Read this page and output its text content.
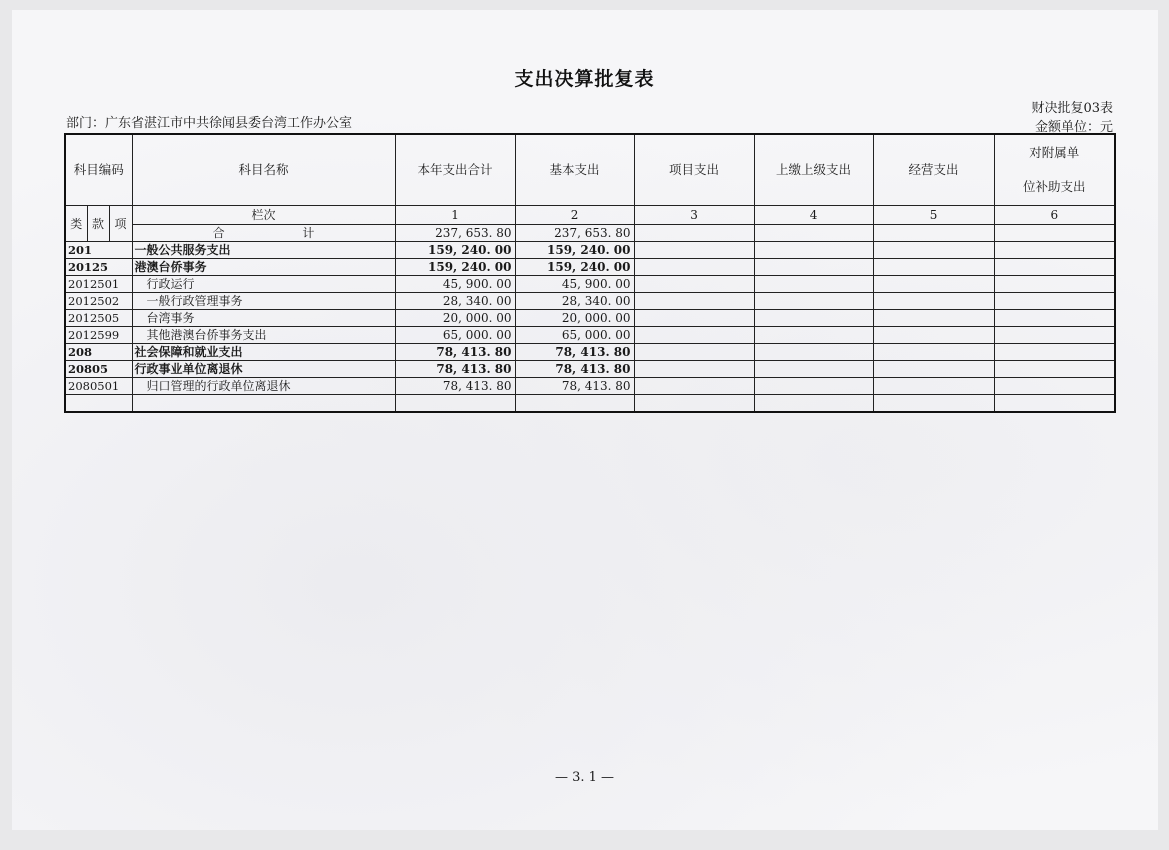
支出决算批复表
部门：广东省湛江市中共徐闻县委台湾工作办公室
财决批复03表
金额单位：元
科目编码			科目名称	本年支出合计	基本支出	项目支出	上缴上级支出	经营支出	对附属单
位补助支出

类	款	项	栏次	1	2	3	4	5	6
			合 计	237, 653. 80	237, 653. 80				
201			一般公共服务支出	159, 240. 00	159, 240. 00				
20125			港澳台侨事务	159, 240. 00	159, 240. 00				
2012501			行政运行	45, 900. 00	45, 900. 00				
2012502			一般行政管理事务	28, 340. 00	28, 340. 00				
2012505			台湾事务	20, 000. 00	20, 000. 00				
2012599			其他港澳台侨事务支出	65, 000. 00	65, 000. 00				
208			社会保障和就业支出	78, 413. 80	78, 413. 80				
20805			行政事业单位离退休	78, 413. 80	78, 413. 80				
2080501			归口管理的行政单位离退休	78, 413. 80	78, 413. 80				

— 3. 1 —
